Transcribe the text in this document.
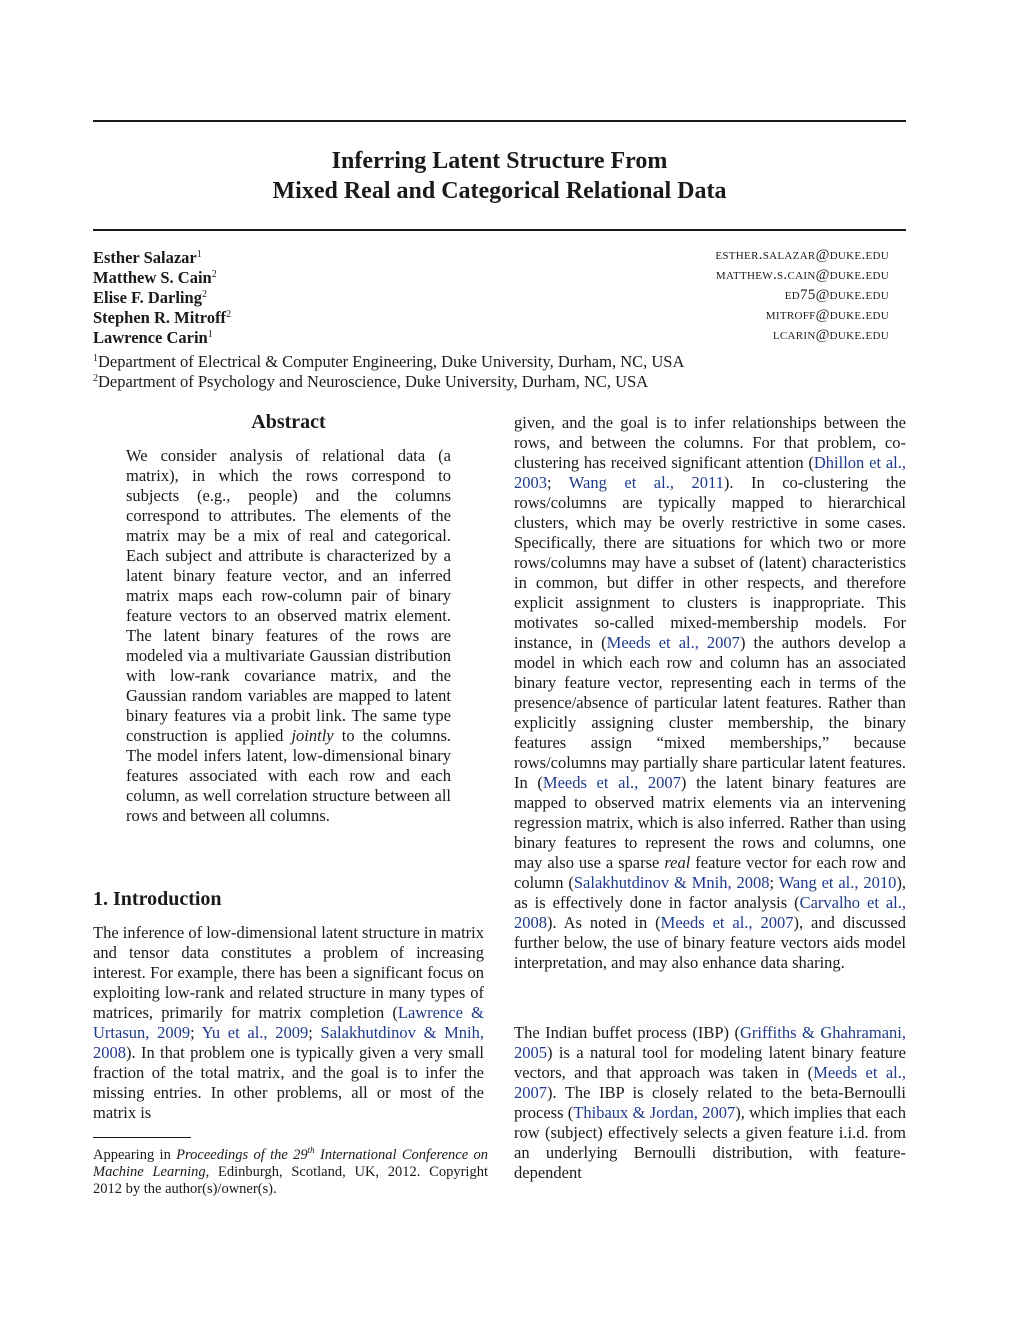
Inferring Latent Structure From
Mixed Real and Categorical Relational Data
Esther Salazar$^1$	esther.salazar@duke.edu
Matthew S. Cain$^2$	matthew.s.cain@duke.edu
Elise F. Darling$^2$	ed75@duke.edu
Stephen R. Mitroff$^2$	mitroff@duke.edu
Lawrence Carin$^1$	lcarin@duke.edu
$^1$Department of Electrical & Computer Engineering, Duke University, Durham, NC, USA
$^2$Department of Psychology and Neuroscience, Duke University, Durham, NC, USA
Abstract
We consider analysis of relational data (a matrix), in which the rows correspond to subjects (e.g., people) and the columns correspond to attributes. The elements of the matrix may be a mix of real and categorical. Each subject and attribute is characterized by a latent binary feature vector, and an inferred matrix maps each row-column pair of binary feature vectors to an observed matrix element. The latent binary features of the rows are modeled via a multivariate Gaussian distribution with low-rank covariance matrix, and the Gaussian random variables are mapped to latent binary features via a probit link. The same type construction is applied jointly to the columns. The model infers latent, low-dimensional binary features associated with each row and each column, as well correlation structure between all rows and between all columns.
1. Introduction
The inference of low-dimensional latent structure in matrix and tensor data constitutes a problem of increasing interest. For example, there has been a significant focus on exploiting low-rank and related structure in many types of matrices, primarily for matrix completion (Lawrence & Urtasun, 2009; Yu et al., 2009; Salakhutdinov & Mnih, 2008). In that problem one is typically given a very small fraction of the total matrix, and the goal is to infer the missing entries. In other problems, all or most of the matrix is
Appearing in Proceedings of the 29th International Conference on Machine Learning, Edinburgh, Scotland, UK, 2012. Copyright 2012 by the author(s)/owner(s).
given, and the goal is to infer relationships between the rows, and between the columns. For that problem, co-clustering has received significant attention (Dhillon et al., 2003; Wang et al., 2011). In co-clustering the rows/columns are typically mapped to hierarchical clusters, which may be overly restrictive in some cases. Specifically, there are situations for which two or more rows/columns may have a subset of (latent) characteristics in common, but differ in other respects, and therefore explicit assignment to clusters is inappropriate. This motivates so-called mixed-membership models. For instance, in (Meeds et al., 2007) the authors develop a model in which each row and column has an associated binary feature vector, representing each in terms of the presence/absence of particular latent features. Rather than explicitly assigning cluster membership, the binary features assign “mixed memberships,” because rows/columns may partially share particular latent features. In (Meeds et al., 2007) the latent binary features are mapped to observed matrix elements via an intervening regression matrix, which is also inferred. Rather than using binary features to represent the rows and columns, one may also use a sparse real feature vector for each row and column (Salakhutdinov & Mnih, 2008; Wang et al., 2010), as is effectively done in factor analysis (Carvalho et al., 2008). As noted in (Meeds et al., 2007), and discussed further below, the use of binary feature vectors aids model interpretation, and may also enhance data sharing.
The Indian buffet process (IBP) (Griffiths & Ghahramani, 2005) is a natural tool for modeling latent binary feature vectors, and that approach was taken in (Meeds et al., 2007). The IBP is closely related to the beta-Bernoulli process (Thibaux & Jordan, 2007), which implies that each row (subject) effectively selects a given feature i.i.d. from an underlying Bernoulli distribution, with feature-dependent
